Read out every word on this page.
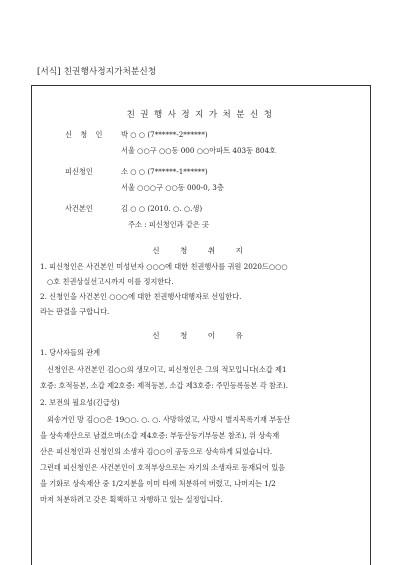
[서식] 친권행사정지가처분신청
친권행사정지가처분신청
신 청 인 박 ○ ○ (7******-2******)
서울 ○○구 ○○동 000 ○○아파트 403동 804호
피신청인	소 ○ ○ (7******-1******)
서울 ○○○구 ○○동 000-0, 3층
사건본인	김 ○ ○ (2010. ○. ○.생)
주소 : 피신청인과 같은 곳
신 청 취 지
1. 피신청인은 사건본인 미성년자 ○○○에 대한 친권행사를 귀원 2020드○○○
○호 친권상실선고시까지 이를 정지한다.
2. 신청인을 사건본인 ○○○에 대한 친권행사대행자로 선임한다.
라는 판결을 구합니다.
신 청 이 유
1. 당사자들의 관계
신청인은 사건본인 김○○의 생모이고, 피신청인은 그의 적모입니다(소갑 제1
호증: 호적등본, 소갑 제2호증: 제적등본, 소갑 제3호증: 주민등록등본 각 참조).
2. 보전의 필요성(긴급성)
외송거인 망 김○○은 19○○. ○. ○. 사망하였고, 사망시 별지목록기재 부동산
을 상속재산으로 남겼으며(소갑 제4호증: 부동산등기부등본 참조), 위 상속재
산은 피신청인과 신청인의 소생자 김○○이 공동으로 상속하게 되었습니다.
그런데 피신청인은 사건본인이 호적부상으로는 자기의 소생자로 등재되어 있음
을 기화로 상속재산 중 1/2지분을 이미 타에 처분하여 버렸고, 나머지는 1/2
마저 처분하려고 갖은 획책하고 자행하고 있는 실정입니다.
